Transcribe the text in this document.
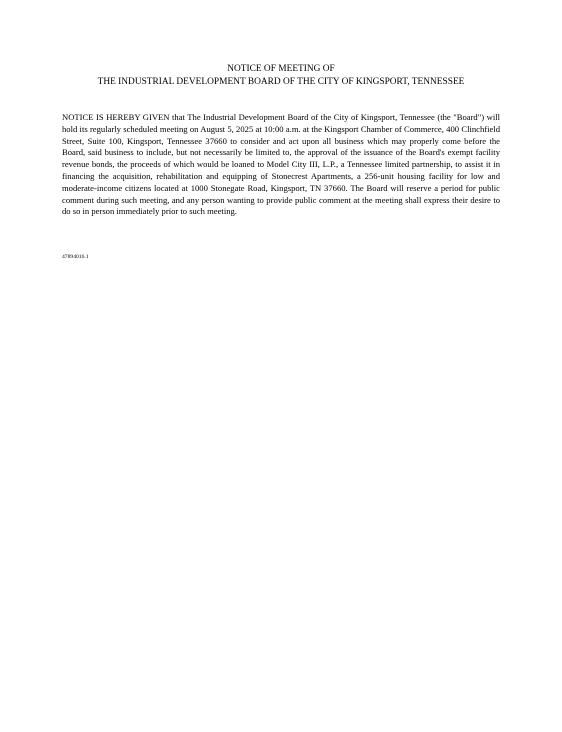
NOTICE OF MEETING OF
THE INDUSTRIAL DEVELOPMENT BOARD OF THE CITY OF KINGSPORT, TENNESSEE

NOTICE IS HEREBY GIVEN that The Industrial Development Board of the City of Kingsport, Tennessee (the "Board") will hold its regularly scheduled meeting on August 5, 2025 at 10:00 a.m. at the Kingsport Chamber of Commerce, 400 Clinchfield Street, Suite 100, Kingsport, Tennessee 37660 to consider and act upon all business which may properly come before the Board, said business to include, but not necessarily be limited to, the approval of the issuance of the Board's exempt facility revenue bonds, the proceeds of which would be loaned to Model City III, L.P., a Tennessee limited partnership, to assist it in financing the acquisition, rehabilitation and equipping of Stonecrest Apartments, a 256-unit housing facility for low and moderate-income citizens located at 1000 Stonegate Road, Kingsport, TN 37660. The Board will reserve a period for public comment during such meeting, and any person wanting to provide public comment at the meeting shall express their desire to do so in person immediately prior to such meeting.

47894016.1
